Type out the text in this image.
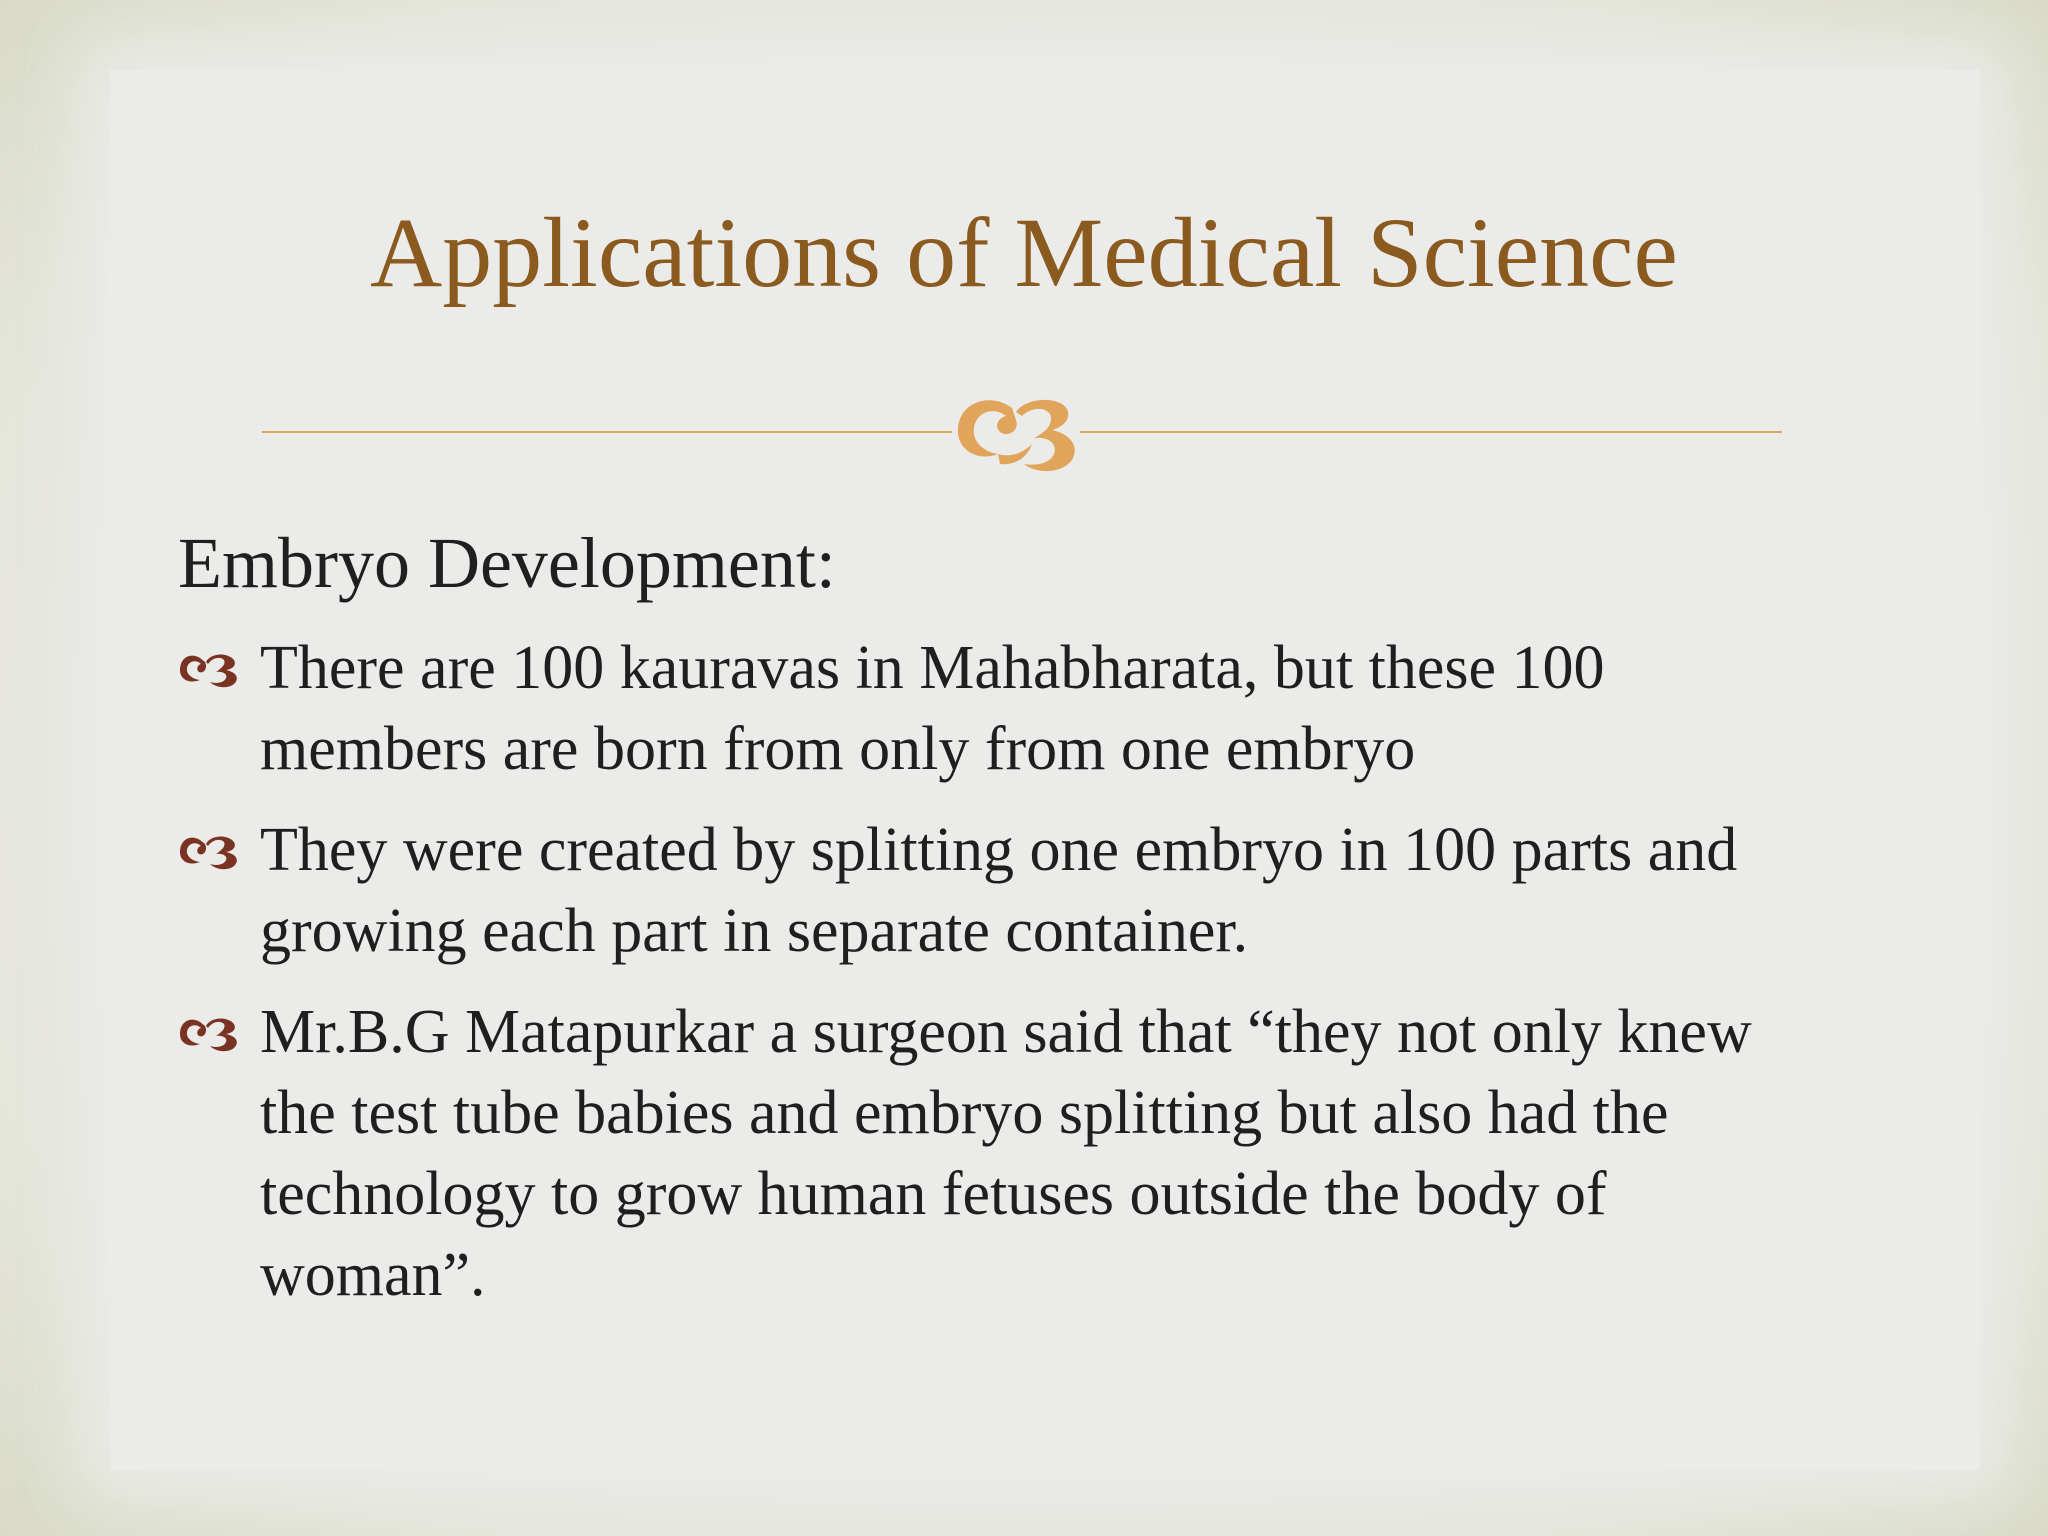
Applications of Medical Science
Embryo Development:
There are 100 kauravas in Mahabharata, but these 100 members are born from only from one embryo
They were created by splitting one embryo in 100 parts and growing each part in separate container.
Mr.B.G Matapurkar a surgeon said that “they not only knew the test tube babies and embryo splitting but also had the technology to grow human fetuses outside the body of woman”.
